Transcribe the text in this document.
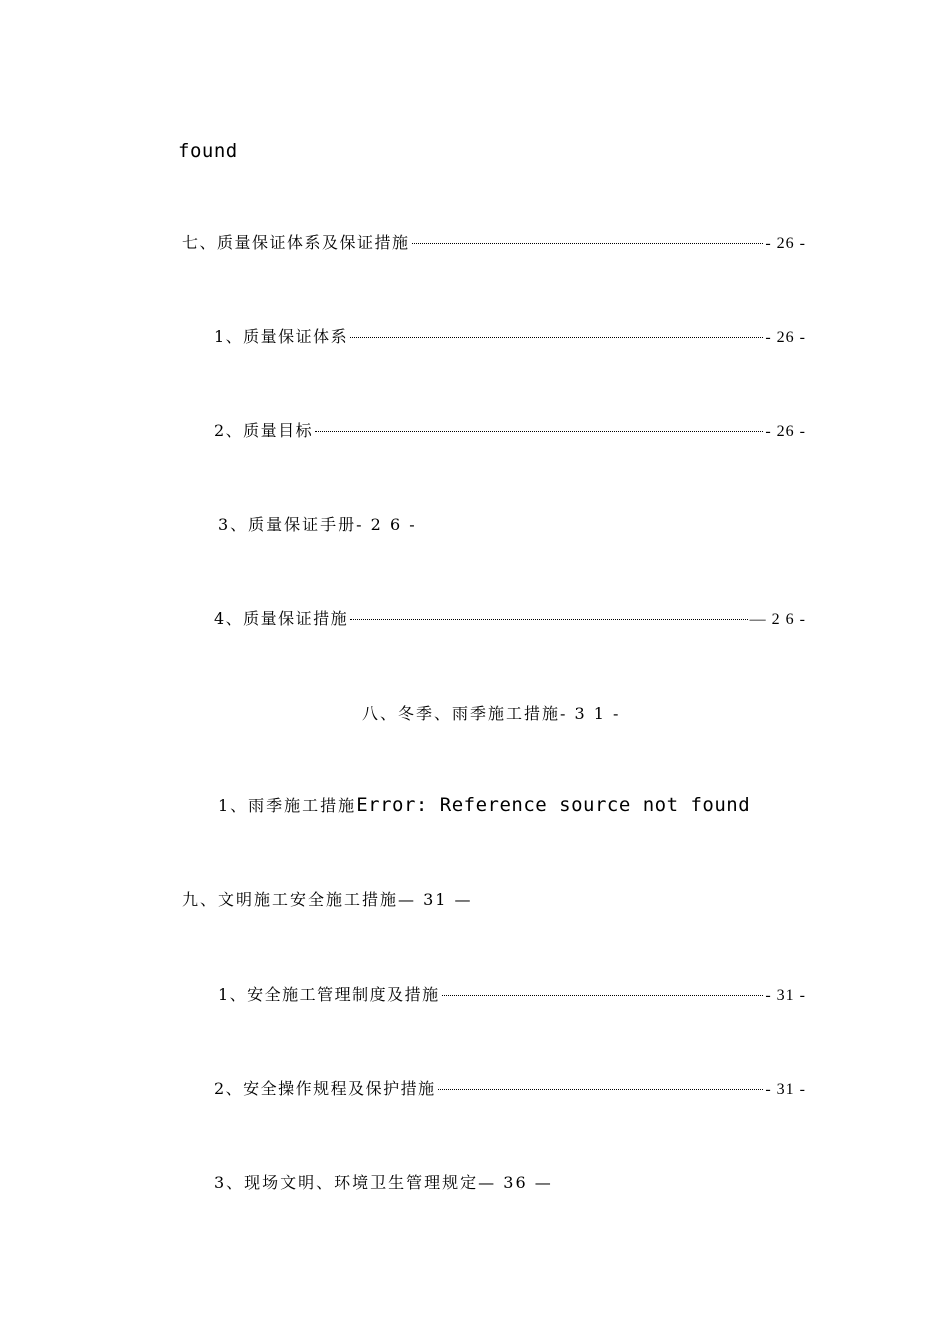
found
七、质量保证体系及保证措施	- 26 -
1、质量保证体系	- 26 -
2、质量目标	- 26 -
3、质量保证手册- 2 6 -
4、质量保证措施	— 2 6 -
八、冬季、雨季施工措施- 3 1 -
1、雨季施工措施Error: Reference source not found
九、文明施工安全施工措施— 31 —
1、安全施工管理制度及措施	- 31 -
2、安全操作规程及保护措施	- 31 -
3、现场文明、环境卫生管理规定— 36 —
